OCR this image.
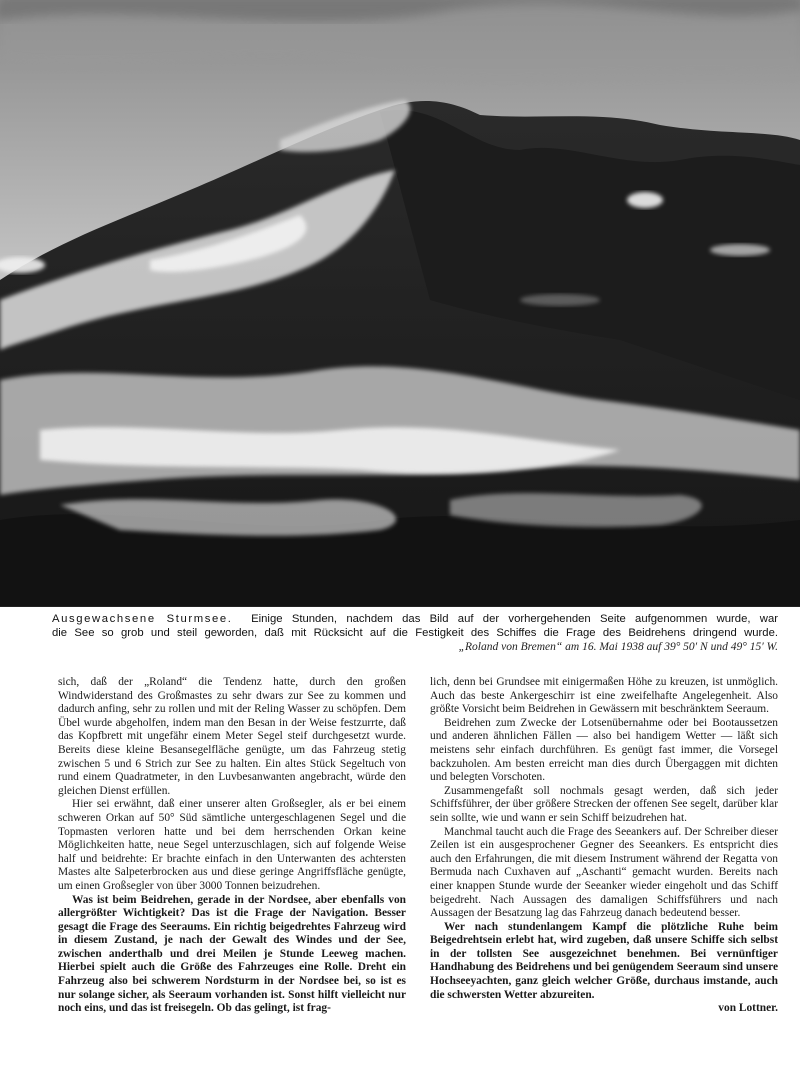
Ausgewachsene Sturmsee. Einige Stunden, nachdem das Bild auf der vorhergehenden Seite aufgenommen wurde, war
die See so grob und steil geworden, daß mit Rücksicht auf die Festigkeit des Schiffes die Frage des Beidrehens dringend wurde.
„Roland von Bremen“ am 16. Mai 1938 auf 39° 50′ N und 49° 15′ W.

sich, daß der „Roland“ die Tendenz hatte, durch den großen Windwiderstand des Großmastes zu sehr dwars zur See zu kommen und dadurch anfing, sehr zu rollen und mit der Reling Wasser zu schöpfen. Dem Übel wurde abgeholfen, indem man den Besan in der Weise festzurrte, daß das Kopfbrett mit ungefähr einem Meter Segel steif durchgesetzt wurde. Bereits diese kleine Besansegelfläche genügte, um das Fahrzeug stetig zwischen 5 und 6 Strich zur See zu halten. Ein altes Stück Segeltuch von rund einem Quadratmeter, in den Luvbesanwanten angebracht, würde den gleichen Dienst erfüllen.

Hier sei erwähnt, daß einer unserer alten Großsegler, als er bei einem schweren Orkan auf 50° Süd sämtliche untergeschlagenen Segel und die Topmasten verloren hatte und bei dem herrschenden Orkan keine Möglichkeiten hatte, neue Segel unterzuschlagen, sich auf folgende Weise half und beidrehte: Er brachte einfach in den Unterwanten des achtersten Mastes alte Salpeterbrocken aus und diese geringe Angriffsfläche genügte, um einen Großsegler von über 3000 Tonnen beizudrehen.

Was ist beim Beidrehen, gerade in der Nordsee, aber ebenfalls von allergrößter Wichtigkeit? Das ist die Frage der Navigation. Besser gesagt die Frage des Seeraums. Ein richtig beigedrehtes Fahrzeug wird in diesem Zustand, je nach der Gewalt des Windes und der See, zwischen anderthalb und drei Meilen je Stunde Leeweg machen. Hierbei spielt auch die Größe des Fahrzeuges eine Rolle. Dreht ein Fahrzeug also bei schwerem Nordsturm in der Nordsee bei, so ist es nur solange sicher, als Seeraum vorhanden ist. Sonst hilft vielleicht nur noch eins, und das ist freisegeln. Ob das gelingt, ist frag-

lich, denn bei Grundsee mit einigermaßen Höhe zu kreuzen, ist unmöglich. Auch das beste Ankergeschirr ist eine zweifelhafte Angelegenheit. Also größte Vorsicht beim Beidrehen in Gewässern mit beschränktem Seeraum.

Beidrehen zum Zwecke der Lotsenübernahme oder bei Bootaussetzen und anderen ähnlichen Fällen — also bei handigem Wetter — läßt sich meistens sehr einfach durchführen. Es genügt fast immer, die Vorsegel backzuholen. Am besten erreicht man dies durch Übergaggen mit dichten und belegten Vorschoten.

Zusammengefaßt soll nochmals gesagt werden, daß sich jeder Schiffsführer, der über größere Strecken der offenen See segelt, darüber klar sein sollte, wie und wann er sein Schiff beizudrehen hat.

Manchmal taucht auch die Frage des Seeankers auf. Der Schreiber dieser Zeilen ist ein ausgesprochener Gegner des Seeankers. Es entspricht dies auch den Erfahrungen, die mit diesem Instrument während der Regatta von Bermuda nach Cuxhaven auf „Aschanti“ gemacht wurden. Bereits nach einer knappen Stunde wurde der Seeanker wieder eingeholt und das Schiff beigedreht. Nach Aussagen des damaligen Schiffsführers und nach Aussagen der Besatzung lag das Fahrzeug danach bedeutend besser.

Wer nach stundenlangem Kampf die plötzliche Ruhe beim Beigedrehtsein erlebt hat, wird zugeben, daß unsere Schiffe sich selbst in der tollsten See ausgezeichnet benehmen. Bei vernünftiger Handhabung des Beidrehens und bei genügendem Seeraum sind unsere Hochseeyachten, ganz gleich welcher Größe, durchaus imstande, auch die schwersten Wetter abzureiten.

von Lottner.
